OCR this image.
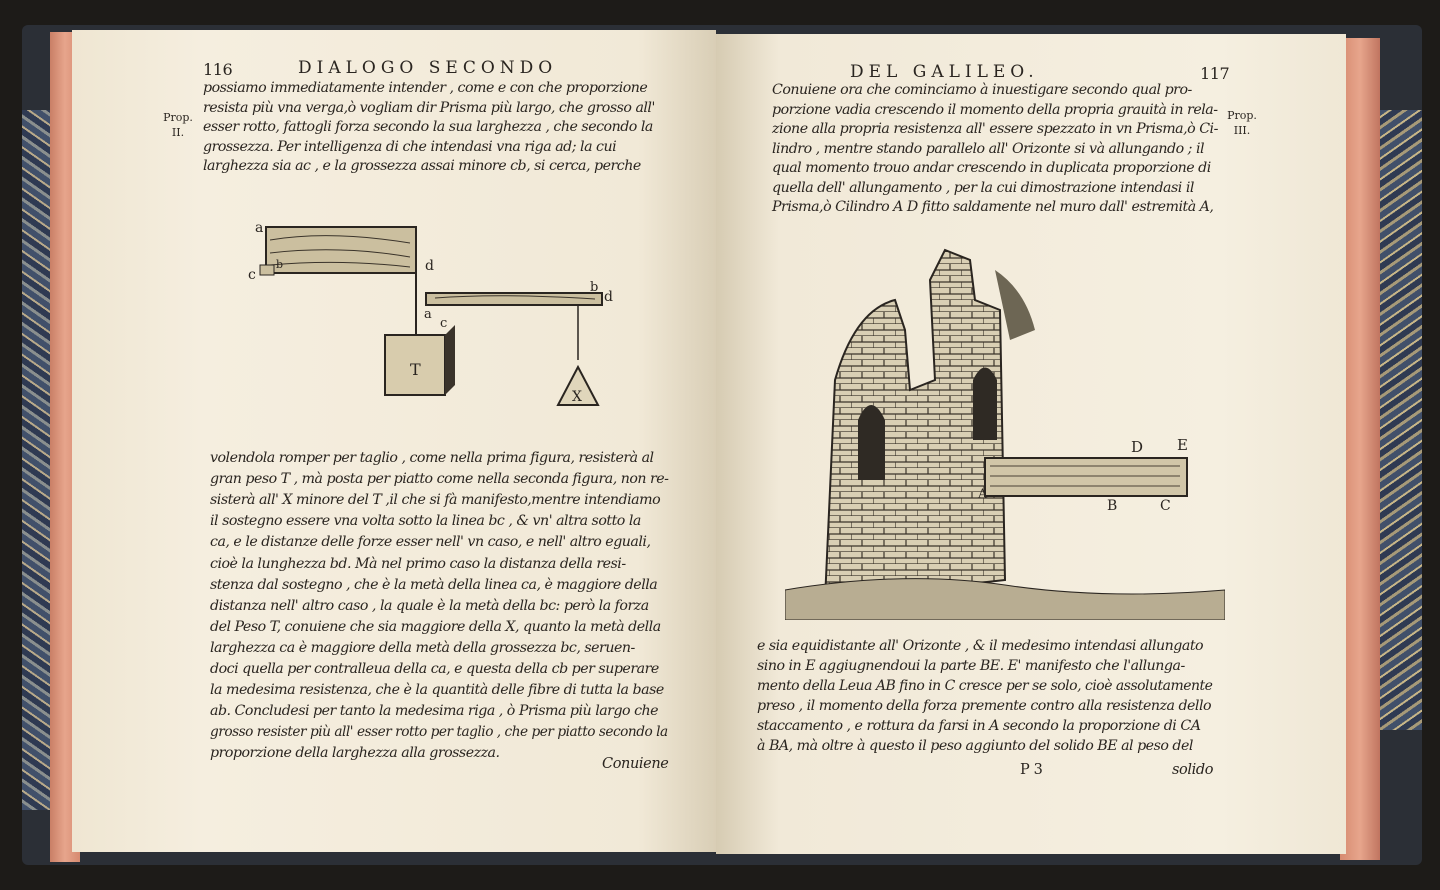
116	DIALOGO SECONDO
Prop.
II.
possiamo immediatamente intender , come e con che proporzione
resista più vna verga,ò vogliam dir Prisma più largo, che grosso all'
esser rotto, fattogli forza secondo la sua larghezza , che secondo la
grossezza. Per intelligenza di che intendasi vna riga ad; la cui
larghezza sia ac , e la grossezza assai minore cb, si cerca, perche
volendola romper per taglio , come nella prima figura, resisterà al
gran peso T , mà posta per piatto come nella seconda figura, non re-
sisterà all' X minore del T ,il che si fà manifesto,mentre intendiamo
il sostegno essere vna volta sotto la linea bc , & vn' altra sotto la
ca, e le distanze delle forze esser nell' vn caso, e nell' altro eguali,
cioè la lunghezza bd. Mà nel primo caso la distanza della resi-
stenza dal sostegno , che è la metà della linea ca, è maggiore della
distanza nell' altro caso , la quale è la metà della bc: però la forza
del Peso T, conuiene che sia maggiore della X, quanto la metà della
larghezza ca è maggiore della metà della grossezza bc, seruen-
doci quella per contralleua della ca, e questa della cb per superare
la medesima resistenza, che è la quantità delle fibre di tutta la base
ab. Concludesi per tanto la medesima riga , ò Prisma più largo che
grosso resister più all' esser rotto per taglio , che per piatto secondo la
proporzione della larghezza alla grossezza.
Conuiene
a
b
c
d
a
c
b
d
T
X
DEL GALILEO.	117
Prop.
III.
Conuiene ora che cominciamo à inuestigare secondo qual pro-
porzione vadia crescendo il momento della propria grauità in rela-
zione alla propria resistenza all' essere spezzato in vn Prisma,ò Ci-
lindro , mentre stando parallelo all' Orizonte si và allungando ; il
qual momento trouo andar crescendo in duplicata proporzione di
quella dell' allungamento , per la cui dimostrazione intendasi il
Prisma,ò Cilindro A D fitto saldamente nel muro dall' estremità A,
e sia equidistante all' Orizonte , & il medesimo intendasi allungato
sino in E aggiugnendoui la parte BE. E' manifesto che l'allunga-
mento della Leua AB fino in C cresce per se solo, cioè assolutamente
preso , il momento della forza premente contro alla resistenza dello
staccamento , e rottura da farsi in A secondo la proporzione di CA
à BA, mà oltre à questo il peso aggiunto del solido BE al peso del
P 3	solido
A
B	C
D E
